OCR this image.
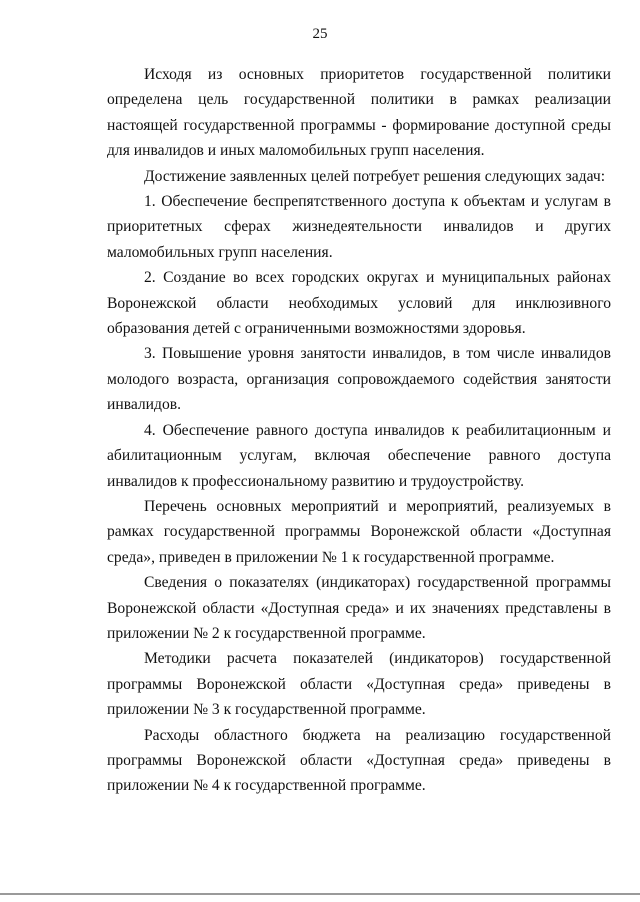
25

Исходя из основных приоритетов государственной политики определена цель государственной политики в рамках реализации настоящей государственной программы - формирование доступной среды для инвалидов и иных маломобильных групп населения.

Достижение заявленных целей потребует решения следующих задач:

1. Обеспечение беспрепятственного доступа к объектам и услугам в приоритетных сферах жизнедеятельности инвалидов и других маломобильных групп населения.

2. Создание во всех городских округах и муниципальных районах Воронежской области необходимых условий для инклюзивного образования детей с ограниченными возможностями здоровья.

3. Повышение уровня занятости инвалидов, в том числе инвалидов молодого возраста, организация сопровождаемого содействия занятости инвалидов.

4. Обеспечение равного доступа инвалидов к реабилитационным и абилитационным услугам, включая обеспечение равного доступа инвалидов к профессиональному развитию и трудоустройству.

Перечень основных мероприятий и мероприятий, реализуемых в рамках государственной программы Воронежской области «Доступная среда», приведен в приложении № 1 к государственной программе.

Сведения о показателях (индикаторах) государственной программы Воронежской области «Доступная среда» и их значениях представлены в приложении № 2 к государственной программе.

Методики расчета показателей (индикаторов) государственной программы Воронежской области «Доступная среда» приведены в приложении № 3 к государственной программе.

Расходы областного бюджета на реализацию государственной программы Воронежской области «Доступная среда» приведены в приложении № 4 к государственной программе.
